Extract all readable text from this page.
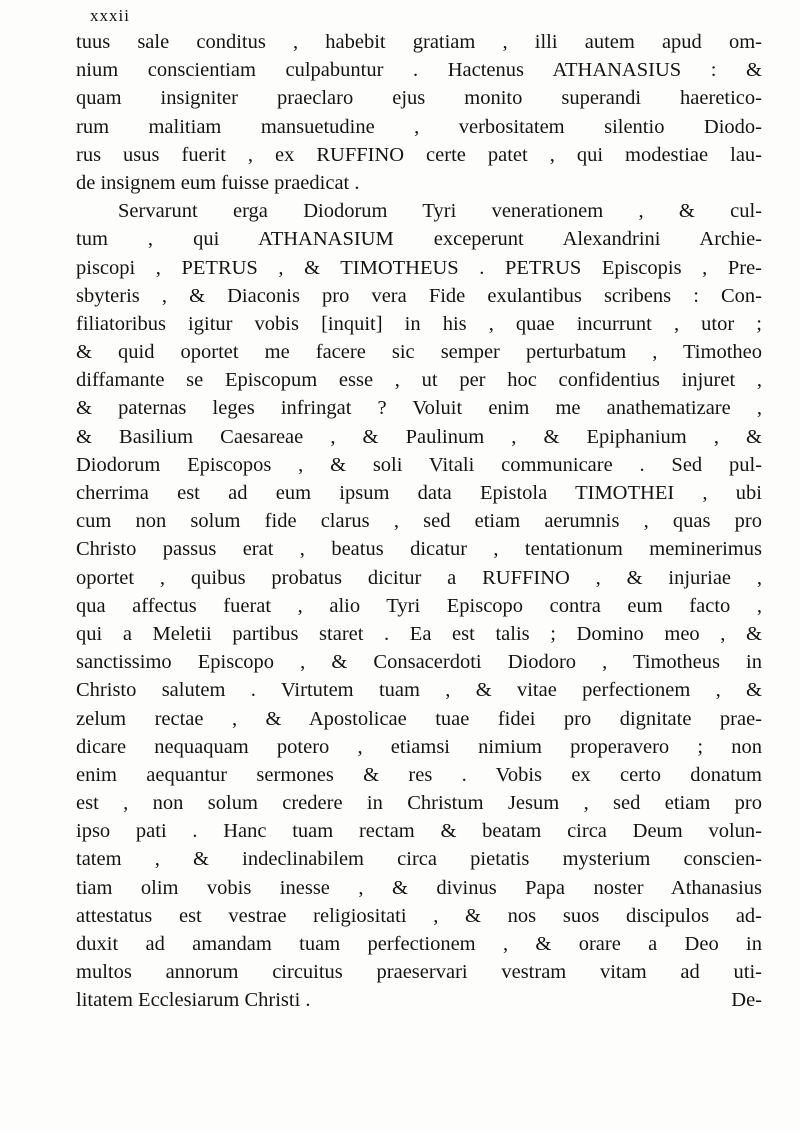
xxxii
tuus sale conditus , habebit gratiam , illi autem apud om-
nium conscientiam culpabuntur . Hactenus ATHANASIUS : &
quam insigniter praeclaro ejus monito superandi haeretico-
rum malitiam mansuetudine , verbositatem silentio Diodo-
rus usus fuerit , ex RUFFINO certe patet , qui modestiae lau-
de insignem eum fuisse praedicat .
Servarunt erga Diodorum Tyri venerationem , & cul-
tum , qui ATHANASIUM exceperunt Alexandrini Archie-
piscopi , PETRUS , & TIMOTHEUS . PETRUS Episcopis , Pre-
sbyteris , & Diaconis pro vera Fide exulantibus scribens : Con-
filiatoribus igitur vobis [inquit] in his , quae incurrunt , utor ;
& quid oportet me facere sic semper perturbatum , Timotheo
diffamante se Episcopum esse , ut per hoc confidentius injuret ,
& paternas leges infringat ? Voluit enim me anathematizare ,
& Basilium Caesareae , & Paulinum , & Epiphanium , &
Diodorum Episcopos , & soli Vitali communicare . Sed pul-
cherrima est ad eum ipsum data Epistola TIMOTHEI , ubi
cum non solum fide clarus , sed etiam aerumnis , quas pro
Christo passus erat , beatus dicatur , tentationum meminerimus
oportet , quibus probatus dicitur a RUFFINO , & injuriae ,
qua affectus fuerat , alio Tyri Episcopo contra eum facto ,
qui a Meletii partibus staret . Ea est talis ; Domino meo , &
sanctissimo Episcopo , & Consacerdoti Diodoro , Timotheus in
Christo salutem . Virtutem tuam , & vitae perfectionem , &
zelum rectae , & Apostolicae tuae fidei pro dignitate prae-
dicare nequaquam potero , etiamsi nimium properavero ; non
enim aequantur sermones & res . Vobis ex certo donatum
est , non solum credere in Christum Jesum , sed etiam pro
ipso pati . Hanc tuam rectam & beatam circa Deum volun-
tatem , & indeclinabilem circa pietatis mysterium conscien-
tiam olim vobis inesse , & divinus Papa noster Athanasius
attestatus est vestrae religiositati , & nos suos discipulos ad-
duxit ad amandam tuam perfectionem , & orare a Deo in
multos annorum circuitus praeservari vestram vitam ad uti-
litatem Ecclesiarum Christi .	De-
